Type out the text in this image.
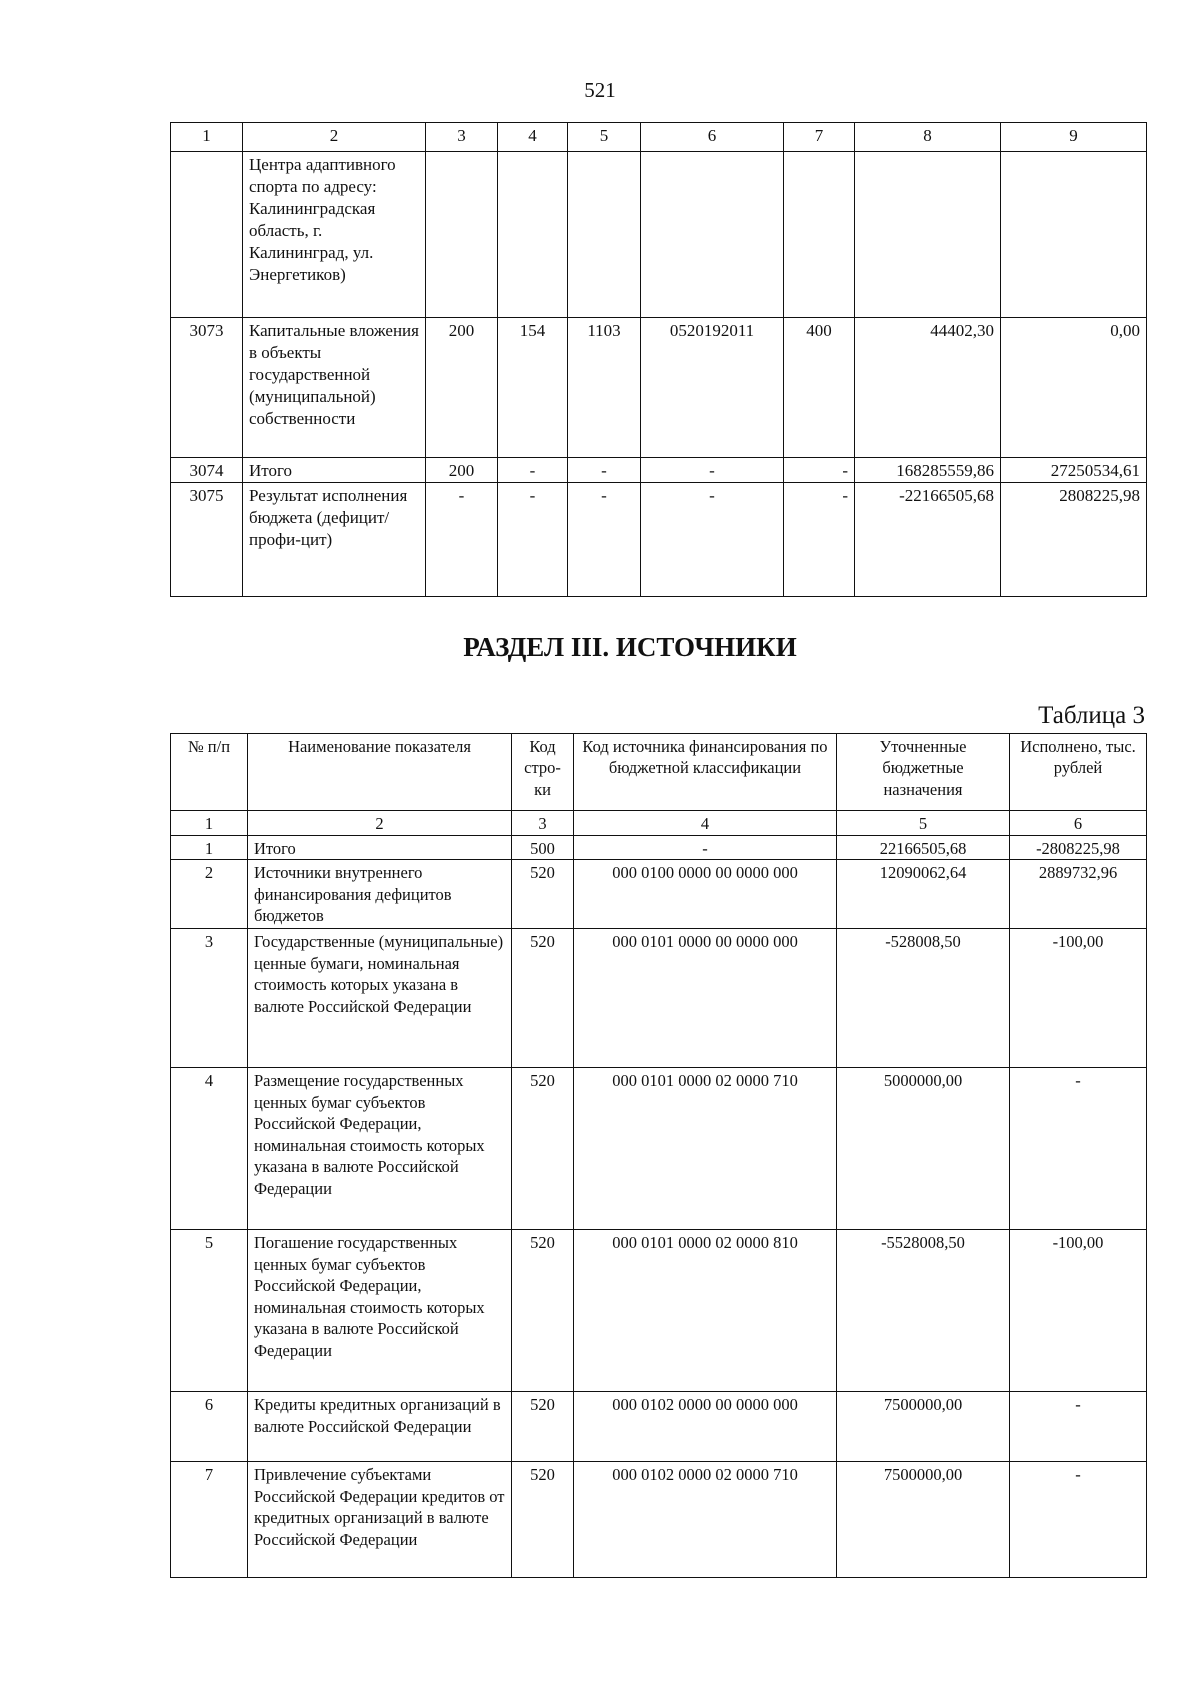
521
1	2	3	4	5	6	7	8	9
	Центра адаптивного спорта по адресу: Калининградская область, г. Калининград, ул. Энергетиков)							
3073	Капитальные вложения в объекты государственной (муниципальной) собственности	200	154	1103	0520192011	400	44402,30	0,00
3074	Итого	200	-	-	-	-	168285559,86	27250534,61
3075	Результат исполнения бюджета (дефицит/профи-цит)	-	-	-	-	-	-22166505,68	2808225,98
РАЗДЕЛ III. ИСТОЧНИКИ
Таблица 3
№ п/п	Наименование показателя	Код стро-ки	Код источника финансирования по бюджетной классификации	Уточненные бюджетные назначения	Исполнено, тыс. рублей
1	2	3	4	5	6
1	Итого	500	-	22166505,68	-2808225,98
2	Источники внутреннего финансирования дефицитов бюджетов	520	000 0100 0000 00 0000 000	12090062,64	2889732,96
3	Государственные (муниципальные) ценные бумаги, номинальная стоимость которых указана в валюте Российской Федерации	520	000 0101 0000 00 0000 000	-528008,50	-100,00
4	Размещение государственных ценных бумаг субъектов Российской Федерации, номинальная стоимость которых указана в валюте Российской Федерации	520	000 0101 0000 02 0000 710	5000000,00	-
5	Погашение государственных ценных бумаг субъектов Российской Федерации, номинальная стоимость которых указана в валюте Российской Федерации	520	000 0101 0000 02 0000 810	-5528008,50	-100,00
6	Кредиты кредитных организаций в валюте Российской Федерации	520	000 0102 0000 00 0000 000	7500000,00	-
7	Привлечение субъектами Российской Федерации кредитов от кредитных организаций в валюте Российской Федерации	520	000 0102 0000 02 0000 710	7500000,00	-
